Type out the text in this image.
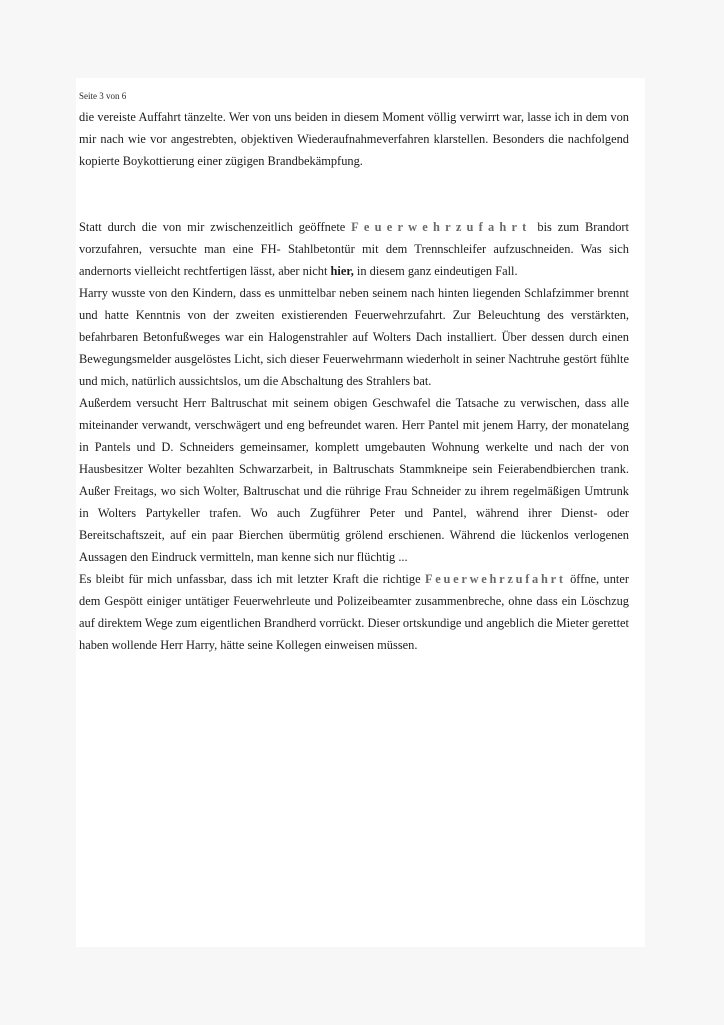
Seite 3 von 6

die vereiste Auffahrt tänzelte. Wer von uns beiden in diesem Moment völlig verwirrt war, lasse ich in dem von mir nach wie vor angestrebten, objektiven Wiederaufnahmeverfahren klarstellen. Besonders die nachfolgend kopierte Boykottierung einer zügigen Brandbekämpfung.

Statt durch die von mir zwischenzeitlich geöffnete Feuerwehrzufahrt bis zum Brandort vorzufahren, versuchte man eine FH- Stahlbetontür mit dem Trennschleifer aufzuschneiden. Was sich andernorts vielleicht rechtfertigen lässt, aber nicht hier, in diesem ganz eindeutigen Fall.

Harry wusste von den Kindern, dass es unmittelbar neben seinem nach hinten liegenden Schlafzimmer brennt und hatte Kenntnis von der zweiten existierenden Feuerwehrzufahrt. Zur Beleuchtung des verstärkten, befahrbaren Betonfußweges war ein Halogenstrahler auf Wolters Dach installiert. Über dessen durch einen Bewegungsmelder ausgelöstes Licht, sich dieser Feuerwehrmann wiederholt in seiner Nachtruhe gestört fühlte und mich, natürlich aussichtslos, um die Abschaltung des Strahlers bat.

Außerdem versucht Herr Baltruschat mit seinem obigen Geschwafel die Tatsache zu verwischen, dass alle miteinander verwandt, verschwägert und eng befreundet waren. Herr Pantel mit jenem Harry, der monatelang in Pantels und D. Schneiders gemeinsamer, komplett umgebauten Wohnung werkelte und nach der von Hausbesitzer Wolter bezahlten Schwarzarbeit, in Baltruschats Stammkneipe sein Feierabendbierchen trank. Außer Freitags, wo sich Wolter, Baltruschat und die rührige Frau Schneider zu ihrem regelmäßigen Umtrunk in Wolters Partykeller trafen. Wo auch Zugführer Peter und Pantel, während ihrer Dienst- oder Bereitschaftszeit, auf ein paar Bierchen übermütig grölend erschienen. Während die lückenlos verlogenen Aussagen den Eindruck vermitteln, man kenne sich nur flüchtig ...

Es bleibt für mich unfassbar, dass ich mit letzter Kraft die richtige Feuerwehrzufahrt öffne, unter dem Gespött einiger untätiger Feuerwehrleute und Polizeibeamter zusammenbreche, ohne dass ein Löschzug auf direktem Wege zum eigentlichen Brandherd vorrückt. Dieser ortskundige und angeblich die Mieter gerettet haben wollende Herr Harry, hätte seine Kollegen einweisen müssen.
